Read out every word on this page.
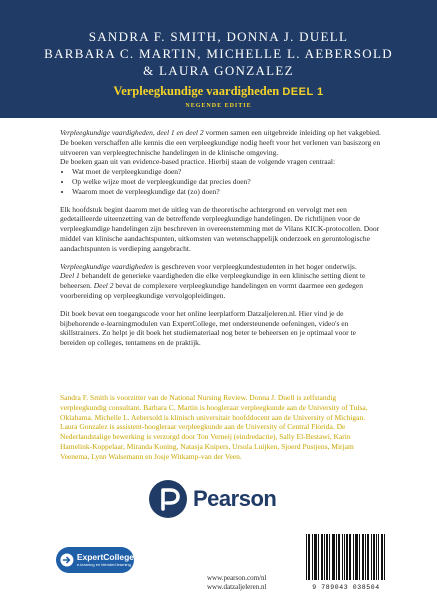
SANDRA F. SMITH, DONNA J. DUELL
BARBARA C. MARTIN, MICHELLE L. AEBERSOLD
& LAURA GONZALEZ
Verpleegkundige vaardigheden DEEL 1
NEGENDE EDITIE

Verpleegkundige vaardigheden, deel 1 en deel 2 vormen samen een uitgebreide inleiding op het vakgebied. De boeken verschaffen alle kennis die een verpleegkundige nodig heeft voor het verlenen van basiszorg en uitvoeren van verpleegtechnische handelingen in de klinische omgeving.
De boeken gaan uit van evidence-based practice. Hierbij staan de volgende vragen centraal:

• Wat moet de verpleegkundige doen?
• Op welke wijze moet de verpleegkundige dat precies doen?
• Waarom moet de verpleegkundige dat (zo) doen?

Elk hoofdstuk begint daarom met de uitleg van de theoretische achtergrond en vervolgt met een gedetailleerde uiteenzetting van de betreffende verpleegkundige handelingen. De richtlijnen voor de verpleegkundige handelingen zijn beschreven in overeenstemming met de Vilans KICK-protocollen. Door middel van klinische aandachtspunten, uitkomsten van wetenschappelijk onderzoek en gerontologische aandachtspunten is verdieping aangebracht.

Verpleegkundige vaardigheden is geschreven voor verpleegkundestudenten in het hoger onderwijs.
Deel 1 behandelt de generieke vaardigheden die elke verpleegkundige in een klinische setting dient te beheersen. Deel 2 bevat de complexere verpleegkundige handelingen en vormt daarmee een gedegen voorbereiding op verpleegkundige vervolgopleidingen.

Dit boek bevat een toegangscode voor het online leerplatform Datzaljeleren.nl. Hier vind je de bijbehorende e-learningmodulen van ExpertCollege, met ondersteunende oefeningen, video's en skillstrainers. Zo helpt je dit boek het studiemateriaal nog beter te beheersen en je optimaal voor te bereiden op colleges, tentamens en de praktijk.

Sandra F. Smith is voorzitter van de National Nursing Review. Donna J. Duell is zelfstandig verpleegkundig consultant. Barbara C. Martin is hoogleraar verpleegkunde aan de University of Tulsa, Oklahama. Michelle L. Aebersold is klinisch universitair hoofddocent aan de University of Michigan. Laura Gonzalez is assistent-hoogleraar verpleegkunde aan de University of Central Florida. De Nederlandstalige bewerking is verzorgd door Ton Verneij (eindredactie), Sally El-Bestawi, Karin Hamelink-Koppelaar, Miranda Koning, Natasja Kuipers, Ursula Luijken, Sjoerd Pustjens, Mirjam Veenema, Lynn Walsemann en Josje Witkamp-van der Veen.
Pearson
ExpertCollege
e-learning en blended learning
www.pearson.com/nl
www.datzaljeleren.nl	9 789043 038504
